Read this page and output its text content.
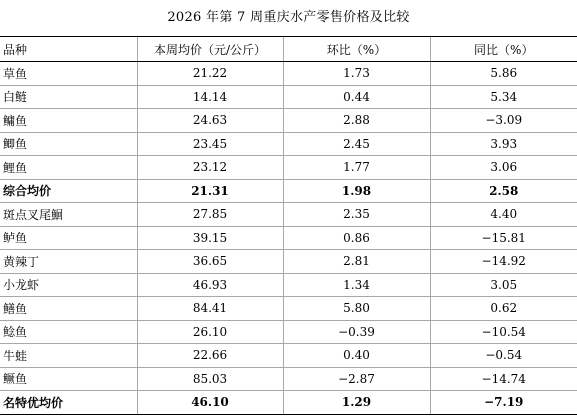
2026 年第 7 周重庆水产零售价格及比较
品种	本周均价（元/公斤）	环比（%）	同比（%）
草鱼	21.22	1.73	5.86
白鲢	14.14	0.44	5.34
鳙鱼	24.63	2.88	−3.09
鲫鱼	23.45	2.45	3.93
鲤鱼	23.12	1.77	3.06
综合均价	21.31	1.98	2.58
斑点叉尾鮰	27.85	2.35	4.40
鲈鱼	39.15	0.86	−15.81
黄辣丁	36.65	2.81	−14.92
小龙虾	46.93	1.34	3.05
鳝鱼	84.41	5.80	0.62
鲶鱼	26.10	−0.39	−10.54
牛蛙	22.66	0.40	−0.54
鳜鱼	85.03	−2.87	−14.74
名特优均价	46.10	1.29	−7.19
